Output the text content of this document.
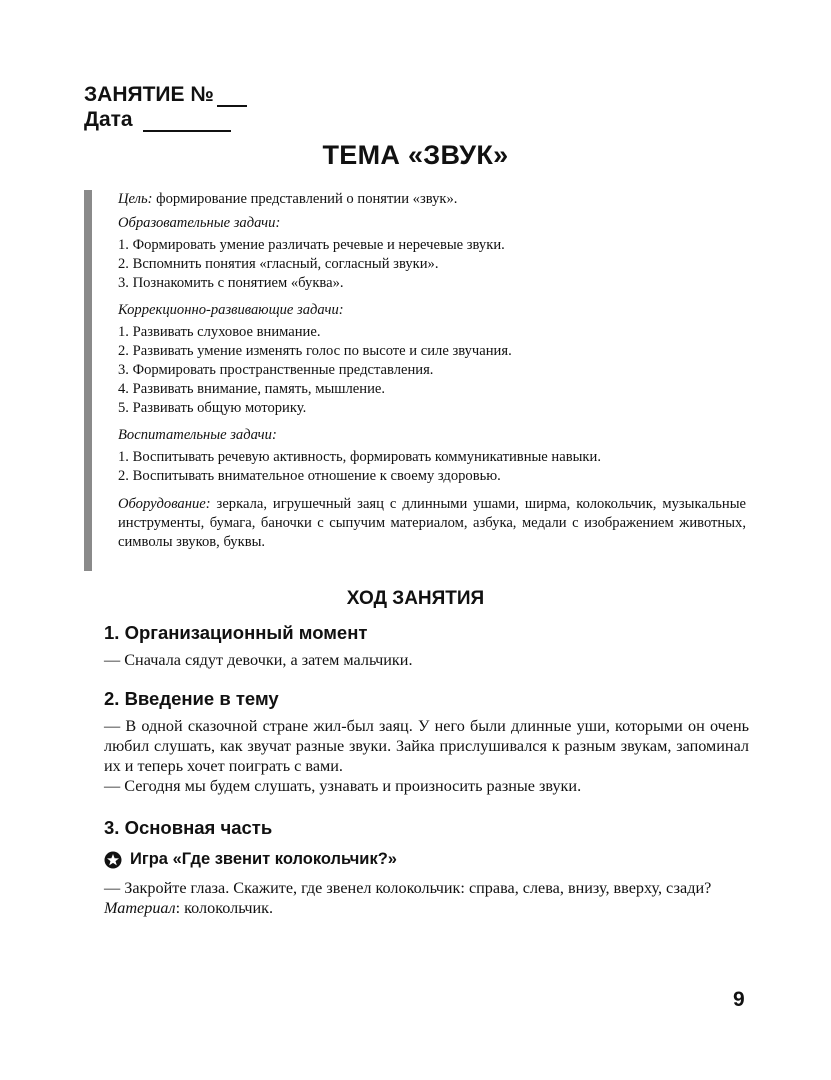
ЗАНЯТИЕ №
Дата
ТЕМА «ЗВУК»

Цель: формирование представлений о понятии «звук».

Образовательные задачи:

1. Формировать умение различать речевые и неречевые звуки.

2. Вспомнить понятия «гласный, согласный звуки».

3. Познакомить с понятием «буква».

Коррекционно-развивающие задачи:

1. Развивать слуховое внимание.

2. Развивать умение изменять голос по высоте и силе звучания.

3. Формировать пространственные представления.

4. Развивать внимание, память, мышление.

5. Развивать общую моторику.

Воспитательные задачи:

1. Воспитывать речевую активность, формировать коммуникативные навыки.

2. Воспитывать внимательное отношение к своему здоровью.

Оборудование: зеркала, игрушечный заяц с длинными ушами, ширма, колокольчик, музыкальные инструменты, бумага, баночки с сыпучим материалом, азбука, медали с изображением животных, символы звуков, буквы.

ХОД ЗАНЯТИЯ
1. Организационный момент

— Сначала сядут девочки, а затем мальчики.

2. Введение в тему

— В одной сказочной стране жил-был заяц. У него были длинные уши, которыми он очень любил слушать, как звучат разные звуки. Зайка прислушивался к разным звукам, запоминал их и теперь хочет поиграть с вами.

— Сегодня мы будем слушать, узнавать и произносить разные звуки.

3. Основная часть
Игра «Где звенит колокольчик?»

— Закройте глаза. Скажите, где звенел колокольчик: справа, слева, внизу, вверху, сзади?

Материал: колокольчик.

9
